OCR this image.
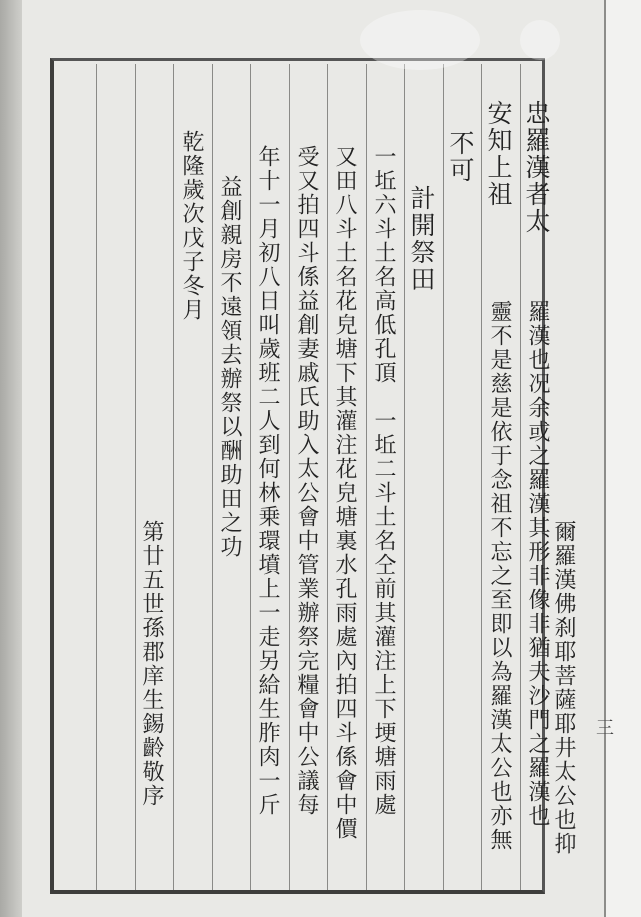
忠羅漢者太
羅漢也况余或之羅漢其形非像非猶夫沙門之羅漢也
安知上祖
靈不是慈是依于念祖不忘之至即以為羅漢太公也亦無
不可
爾羅漢佛刹耶菩薩耶井太公也抑
計開祭田
一坵六斗土名高低孔頂　一坵二斗土名仝前其灌注上下埂塘雨處
又田八斗土名花皃塘下其灌注花皃塘裏水孔雨處內拍四斗係會中價
受又拍四斗係益創妻戚氏助入太公會中管業辦祭完糧會中公議每
年十一月初八日叫歲班二人到何林乗環墳上一走另給生胙肉一斤
益創親房不遠領去辦祭以酬助田之功
乾隆歲次戊子冬月
第廿五世孫郡庠生錫齡敬序	三
